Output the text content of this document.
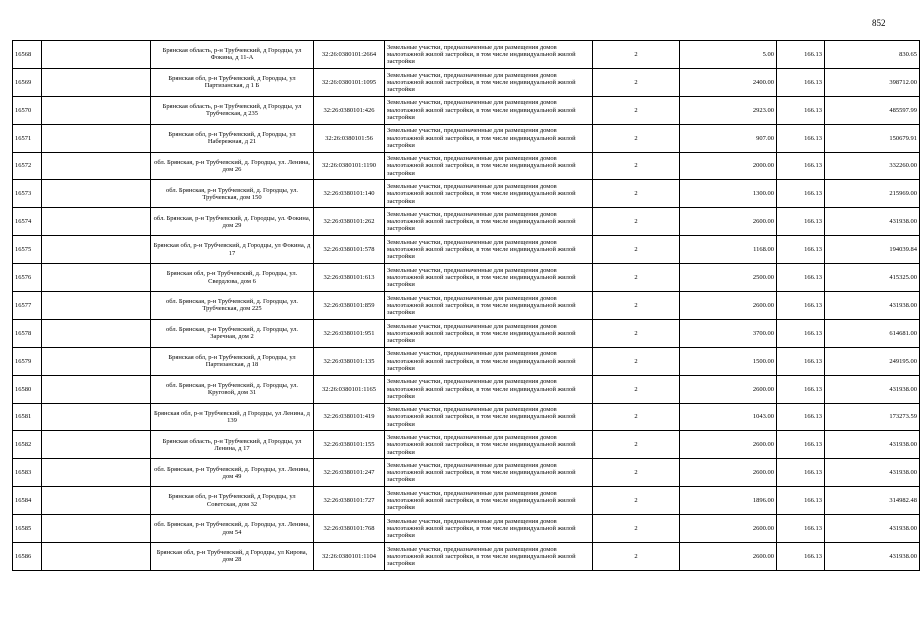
852
16568		Брянская область, р-н Трубчевский, д Городцы, ул Фокина, д 11-А	32:26:0380101:2664	Земельные участки, предназначенные для размещения домов малоэтажной жилой застройки, в том числе индивидуальной жилой застройки	2	5.00	166.13	830.65
16569		Брянская обл, р-н Трубчевский, д Городцы, ул Партизанская, д 1 Б	32:26:0380101:1095	Земельные участки, предназначенные для размещения домов малоэтажной жилой застройки, в том числе индивидуальной жилой застройки	2	2400.00	166.13	398712.00
16570		Брянская область, р-н Трубчевский, д Городцы, ул Трубчевская, д 235	32:26:0380101:426	Земельные участки, предназначенные для размещения домов малоэтажной жилой застройки, в том числе индивидуальной жилой застройки	2	2923.00	166.13	485597.99
16571		Брянская обл, р-н Трубчевский, д Городцы, ул Набережная, д 21	32:26:0380101:56	Земельные участки, предназначенные для размещения домов малоэтажной жилой застройки, в том числе индивидуальной жилой застройки	2	907.00	166.13	150679.91
16572		обл. Брянская, р-н Трубчевский, д. Городцы, ул. Ленина, дом 26	32:26:0380101:1190	Земельные участки, предназначенные для размещения домов малоэтажной жилой застройки, в том числе индивидуальной жилой застройки	2	2000.00	166.13	332260.00
16573		обл. Брянская, р-н Трубчевский, д. Городцы, ул. Трубчевская, дом 150	32:26:0380101:140	Земельные участки, предназначенные для размещения домов малоэтажной жилой застройки, в том числе индивидуальной жилой застройки	2	1300.00	166.13	215969.00
16574		обл. Брянская, р-н Трубчевский, д. Городцы, ул. Фокина, дом 29	32:26:0380101:262	Земельные участки, предназначенные для размещения домов малоэтажной жилой застройки, в том числе индивидуальной жилой застройки	2	2600.00	166.13	431938.00
16575		Брянская обл, р-н Трубчевский, д Городцы, ул Фокина, д 17	32:26:0380101:578	Земельные участки, предназначенные для размещения домов малоэтажной жилой застройки, в том числе индивидуальной жилой застройки	2	1168.00	166.13	194039.84
16576		Брянская обл, р-н Трубчевский, д. Городцы, ул. Свердлова, дом 6	32:26:0380101:613	Земельные участки, предназначенные для размещения домов малоэтажной жилой застройки, в том числе индивидуальной жилой застройки	2	2500.00	166.13	415325.00
16577		обл. Брянская, р-н Трубчевский, д. Городцы, ул. Трубчевская, дом 225	32:26:0380101:859	Земельные участки, предназначенные для размещения домов малоэтажной жилой застройки, в том числе индивидуальной жилой застройки	2	2600.00	166.13	431938.00
16578		обл. Брянская, р-н Трубчевский, д. Городцы, ул. Заречная, дом 2	32:26:0380101:951	Земельные участки, предназначенные для размещения домов малоэтажной жилой застройки, в том числе индивидуальной жилой застройки	2	3700.00	166.13	614681.00
16579		Брянская обл, р-н Трубчевский, д Городцы, ул Партизанская, д 18	32:26:0380101:135	Земельные участки, предназначенные для размещения домов малоэтажной жилой застройки, в том числе индивидуальной жилой застройки	2	1500.00	166.13	249195.00
16580		обл. Брянская, р-н Трубчевский, д. Городцы, ул. Круговой, дом 31	32:26:0380101:1165	Земельные участки, предназначенные для размещения домов малоэтажной жилой застройки, в том числе индивидуальной жилой застройки	2	2600.00	166.13	431938.00
16581		Брянская обл, р-н Трубчевский, д Городцы, ул Ленина, д 139	32:26:0380101:419	Земельные участки, предназначенные для размещения домов малоэтажной жилой застройки, в том числе индивидуальной жилой застройки	2	1043.00	166.13	173273.59
16582		Брянская область, р-н Трубчевский, д Городцы, ул Ленина, д 17	32:26:0380101:155	Земельные участки, предназначенные для размещения домов малоэтажной жилой застройки, в том числе индивидуальной жилой застройки	2	2600.00	166.13	431938.00
16583		обл. Брянская, р-н Трубчевский, д. Городцы, ул. Ленина, дом 49	32:26:0380101:247	Земельные участки, предназначенные для размещения домов малоэтажной жилой застройки, в том числе индивидуальной жилой застройки	2	2600.00	166.13	431938.00
16584		Брянская обл, р-н Трубчевский, д Городцы, ул Советская, дом 32	32:26:0380101:727	Земельные участки, предназначенные для размещения домов малоэтажной жилой застройки, в том числе индивидуальной жилой застройки	2	1896.00	166.13	314982.48
16585		обл. Брянская, р-н Трубчевский, д. Городцы, ул. Ленина, дом 54	32:26:0380101:768	Земельные участки, предназначенные для размещения домов малоэтажной жилой застройки, в том числе индивидуальной жилой застройки	2	2600.00	166.13	431938.00
16586		Брянская обл, р-н Трубчевский, д Городцы, ул Кирова, дом 28	32:26:0380101:1104	Земельные участки, предназначенные для размещения домов малоэтажной жилой застройки, в том числе индивидуальной жилой застройки	2	2600.00	166.13	431938.00
